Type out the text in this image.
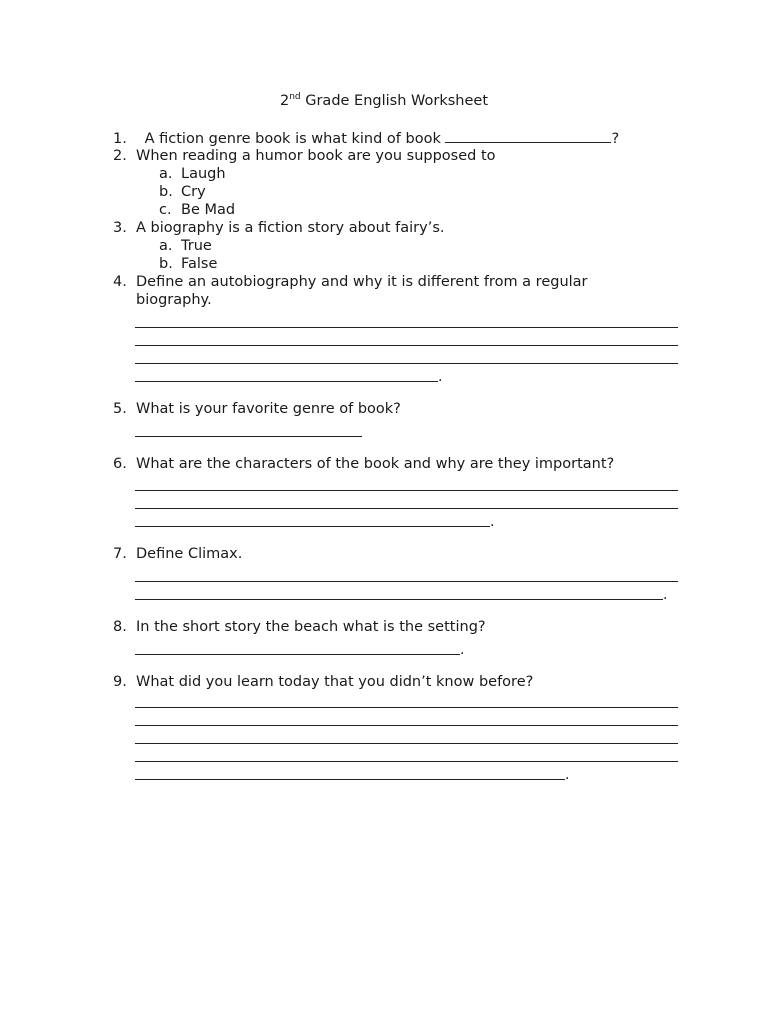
2nd Grade English Worksheet
1. A fiction genre book is what kind of book	?
2. When reading a humor book are you supposed to
a. Laugh
b. Cry
c. Be Mad
3. A biography is a fiction story about fairy’s.
a. True
b. False
4. Define an autobiography and why it is different from a regular
biography.
.
5. What is your favorite genre of book?
6. What are the characters of the book and why are they important?
.
7. Define Climax.
.
8. In the short story the beach what is the setting?
.
9. What did you learn today that you didn’t know before?
.
